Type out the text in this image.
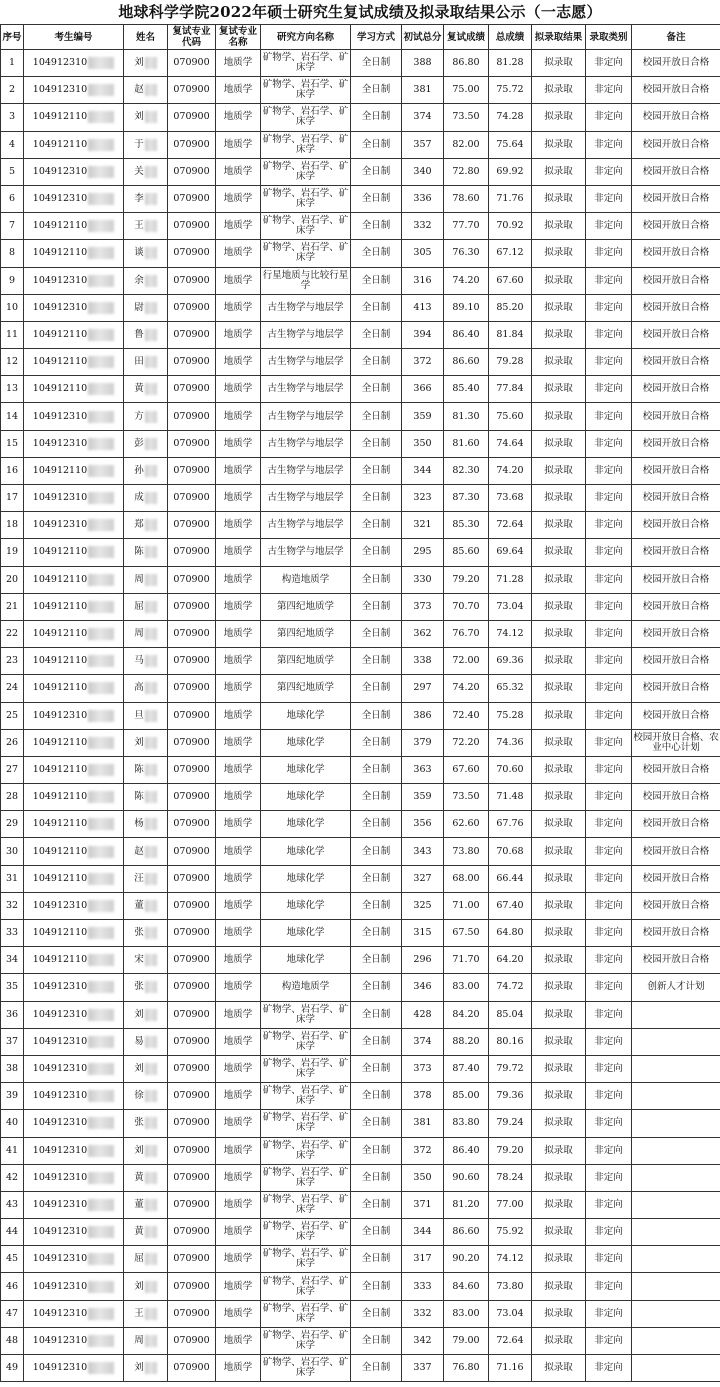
地球科学学院2022年硕士研究生复试成绩及拟录取结果公示（一志愿）
序号	考生编号	姓名	复试专业代码	复试专业名称	研究方向名称	学习方式	初试总分	复试成绩	总成绩	拟录取结果	录取类别	备注
1	104912310	刘	070900	地质学	矿物学、岩石学、矿床学	全日制	388	86.80	81.28	拟录取	非定向	校园开放日合格
2	104912310	赵	070900	地质学	矿物学、岩石学、矿床学	全日制	381	75.00	75.72	拟录取	非定向	校园开放日合格
3	104912110	刘	070900	地质学	矿物学、岩石学、矿床学	全日制	374	73.50	74.28	拟录取	非定向	校园开放日合格
4	104912110	于	070900	地质学	矿物学、岩石学、矿床学	全日制	357	82.00	75.64	拟录取	非定向	校园开放日合格
5	104912310	关	070900	地质学	矿物学、岩石学、矿床学	全日制	340	72.80	69.92	拟录取	非定向	校园开放日合格
6	104912310	李	070900	地质学	矿物学、岩石学、矿床学	全日制	336	78.60	71.76	拟录取	非定向	校园开放日合格
7	104912110	王	070900	地质学	矿物学、岩石学、矿床学	全日制	332	77.70	70.92	拟录取	非定向	校园开放日合格
8	104912110	谈	070900	地质学	矿物学、岩石学、矿床学	全日制	305	76.30	67.12	拟录取	非定向	校园开放日合格
9	104912310	余	070900	地质学	行星地质与比较行星学	全日制	316	74.20	67.60	拟录取	非定向	校园开放日合格
10	104912310	尉	070900	地质学	古生物学与地层学	全日制	413	89.10	85.20	拟录取	非定向	校园开放日合格
11	104912110	鲁	070900	地质学	古生物学与地层学	全日制	394	86.40	81.84	拟录取	非定向	校园开放日合格
12	104912110	田	070900	地质学	古生物学与地层学	全日制	372	86.60	79.28	拟录取	非定向	校园开放日合格
13	104912110	黄	070900	地质学	古生物学与地层学	全日制	366	85.40	77.84	拟录取	非定向	校园开放日合格
14	104912310	方	070900	地质学	古生物学与地层学	全日制	359	81.30	75.60	拟录取	非定向	校园开放日合格
15	104912310	彭	070900	地质学	古生物学与地层学	全日制	350	81.60	74.64	拟录取	非定向	校园开放日合格
16	104912110	孙	070900	地质学	古生物学与地层学	全日制	344	82.30	74.20	拟录取	非定向	校园开放日合格
17	104912310	成	070900	地质学	古生物学与地层学	全日制	323	87.30	73.68	拟录取	非定向	校园开放日合格
18	104912310	郑	070900	地质学	古生物学与地层学	全日制	321	85.30	72.64	拟录取	非定向	校园开放日合格
19	104912110	陈	070900	地质学	古生物学与地层学	全日制	295	85.60	69.64	拟录取	非定向	校园开放日合格
20	104912110	周	070900	地质学	构造地质学	全日制	330	79.20	71.28	拟录取	非定向	校园开放日合格
21	104912110	屈	070900	地质学	第四纪地质学	全日制	373	70.70	73.04	拟录取	非定向	校园开放日合格
22	104912110	周	070900	地质学	第四纪地质学	全日制	362	76.70	74.12	拟录取	非定向	校园开放日合格
23	104912110	马	070900	地质学	第四纪地质学	全日制	338	72.00	69.36	拟录取	非定向	校园开放日合格
24	104912110	高	070900	地质学	第四纪地质学	全日制	297	74.20	65.32	拟录取	非定向	校园开放日合格
25	104912310	旦	070900	地质学	地球化学	全日制	386	72.40	75.28	拟录取	非定向	校园开放日合格
26	104912110	刘	070900	地质学	地球化学	全日制	379	72.20	74.36	拟录取	非定向	校园开放日合格、农业中心计划
27	104912110	陈	070900	地质学	地球化学	全日制	363	67.60	70.60	拟录取	非定向	校园开放日合格
28	104912110	陈	070900	地质学	地球化学	全日制	359	73.50	71.48	拟录取	非定向	校园开放日合格
29	104912110	杨	070900	地质学	地球化学	全日制	356	62.60	67.76	拟录取	非定向	校园开放日合格
30	104912110	赵	070900	地质学	地球化学	全日制	343	73.80	70.68	拟录取	非定向	校园开放日合格
31	104912110	汪	070900	地质学	地球化学	全日制	327	68.00	66.44	拟录取	非定向	校园开放日合格
32	104912310	董	070900	地质学	地球化学	全日制	325	71.00	67.40	拟录取	非定向	校园开放日合格
33	104912110	张	070900	地质学	地球化学	全日制	315	67.50	64.80	拟录取	非定向	校园开放日合格
34	104912110	宋	070900	地质学	地球化学	全日制	296	71.70	64.20	拟录取	非定向	校园开放日合格
35	104912310	张	070900	地质学	构造地质学	全日制	346	83.00	74.72	拟录取	非定向	创新人才计划
36	104912310	刘	070900	地质学	矿物学、岩石学、矿床学	全日制	428	84.20	85.04	拟录取	非定向	
37	104912310	易	070900	地质学	矿物学、岩石学、矿床学	全日制	374	88.20	80.16	拟录取	非定向	
38	104912310	刘	070900	地质学	矿物学、岩石学、矿床学	全日制	373	87.40	79.72	拟录取	非定向	
39	104912310	徐	070900	地质学	矿物学、岩石学、矿床学	全日制	378	85.00	79.36	拟录取	非定向	
40	104912310	张	070900	地质学	矿物学、岩石学、矿床学	全日制	381	83.80	79.24	拟录取	非定向	
41	104912310	刘	070900	地质学	矿物学、岩石学、矿床学	全日制	372	86.40	79.20	拟录取	非定向	
42	104912310	黄	070900	地质学	矿物学、岩石学、矿床学	全日制	350	90.60	78.24	拟录取	非定向	
43	104912310	董	070900	地质学	矿物学、岩石学、矿床学	全日制	371	81.20	77.00	拟录取	非定向	
44	104912310	黄	070900	地质学	矿物学、岩石学、矿床学	全日制	344	86.60	75.92	拟录取	非定向	
45	104912310	屈	070900	地质学	矿物学、岩石学、矿床学	全日制	317	90.20	74.12	拟录取	非定向	
46	104912310	刘	070900	地质学	矿物学、岩石学、矿床学	全日制	333	84.60	73.80	拟录取	非定向	
47	104912310	王	070900	地质学	矿物学、岩石学、矿床学	全日制	332	83.00	73.04	拟录取	非定向	
48	104912310	周	070900	地质学	矿物学、岩石学、矿床学	全日制	342	79.00	72.64	拟录取	非定向	
49	104912310	刘	070900	地质学	矿物学、岩石学、矿床学	全日制	337	76.80	71.16	拟录取	非定向	
